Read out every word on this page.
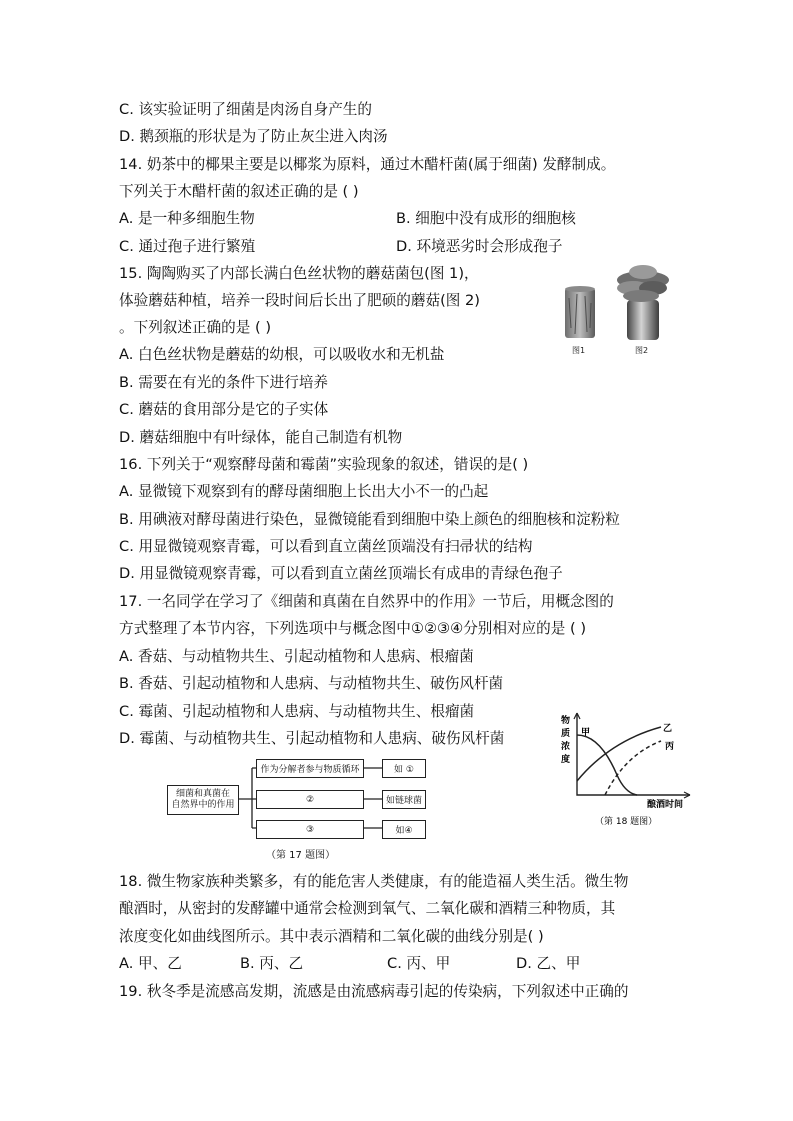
C. 该实验证明了细菌是肉汤自身产生的
D. 鹅颈瓶的形状是为了防止灰尘进入肉汤
14. 奶茶中的椰果主要是以椰浆为原料，通过木醋杆菌(属于细菌) 发酵制成。
下列关于木醋杆菌的叙述正确的是 ( )
A. 是一种多细胞生物	B. 细胞中没有成形的细胞核
C. 通过孢子进行繁殖	D. 环境恶劣时会形成孢子
15. 陶陶购买了内部长满白色丝状物的蘑菇菌包(图 1)，
体验蘑菇种植，培养一段时间后长出了肥硕的蘑菇(图 2)
。下列叙述正确的是 ( )
A. 白色丝状物是蘑菇的幼根，可以吸收水和无机盐
B. 需要在有光的条件下进行培养
C. 蘑菇的食用部分是它的子实体
D. 蘑菇细胞中有叶绿体，能自己制造有机物
图1	图2
16. 下列关于“观察酵母菌和霉菌”实验现象的叙述，错误的是( )
A. 显微镜下观察到有的酵母菌细胞上长出大小不一的凸起
B. 用碘液对酵母菌进行染色，显微镜能看到细胞中染上颜色的细胞核和淀粉粒
C. 用显微镜观察青霉，可以看到直立菌丝顶端没有扫帚状的结构
D. 用显微镜观察青霉，可以看到直立菌丝顶端长有成串的青绿色孢子
17. 一名同学在学习了《细菌和真菌在自然界中的作用》一节后，用概念图的
方式整理了本节内容，下列选项中与概念图中①②③④分别相对应的是 ( )
A. 香菇、与动植物共生、引起动植物和人患病、根瘤菌
B. 香菇、引起动植物和人患病、与动植物共生、破伤风杆菌
C. 霉菌、引起动植物和人患病、与动植物共生、根瘤菌
D. 霉菌、与动植物共生、引起动植物和人患病、破伤风杆菌
细菌和真菌在
自然界中的作用
作为分解者参与物质循环
②
③
如 ①
如链球菌
如④
（第 17 题图）
物
质
浓
度
酿酒时间
甲	乙
丙
（第 18 题图）
18. 微生物家族种类繁多，有的能危害人类健康，有的能造福人类生活。微生物
酿酒时，从密封的发酵罐中通常会检测到氧气、二氧化碳和酒精三种物质，其
浓度变化如曲线图所示。其中表示酒精和二氧化碳的曲线分别是( )
A. 甲、乙	B. 丙、乙	C. 丙、甲	D. 乙、甲
19. 秋冬季是流感高发期，流感是由流感病毒引起的传染病，下列叙述中正确的
